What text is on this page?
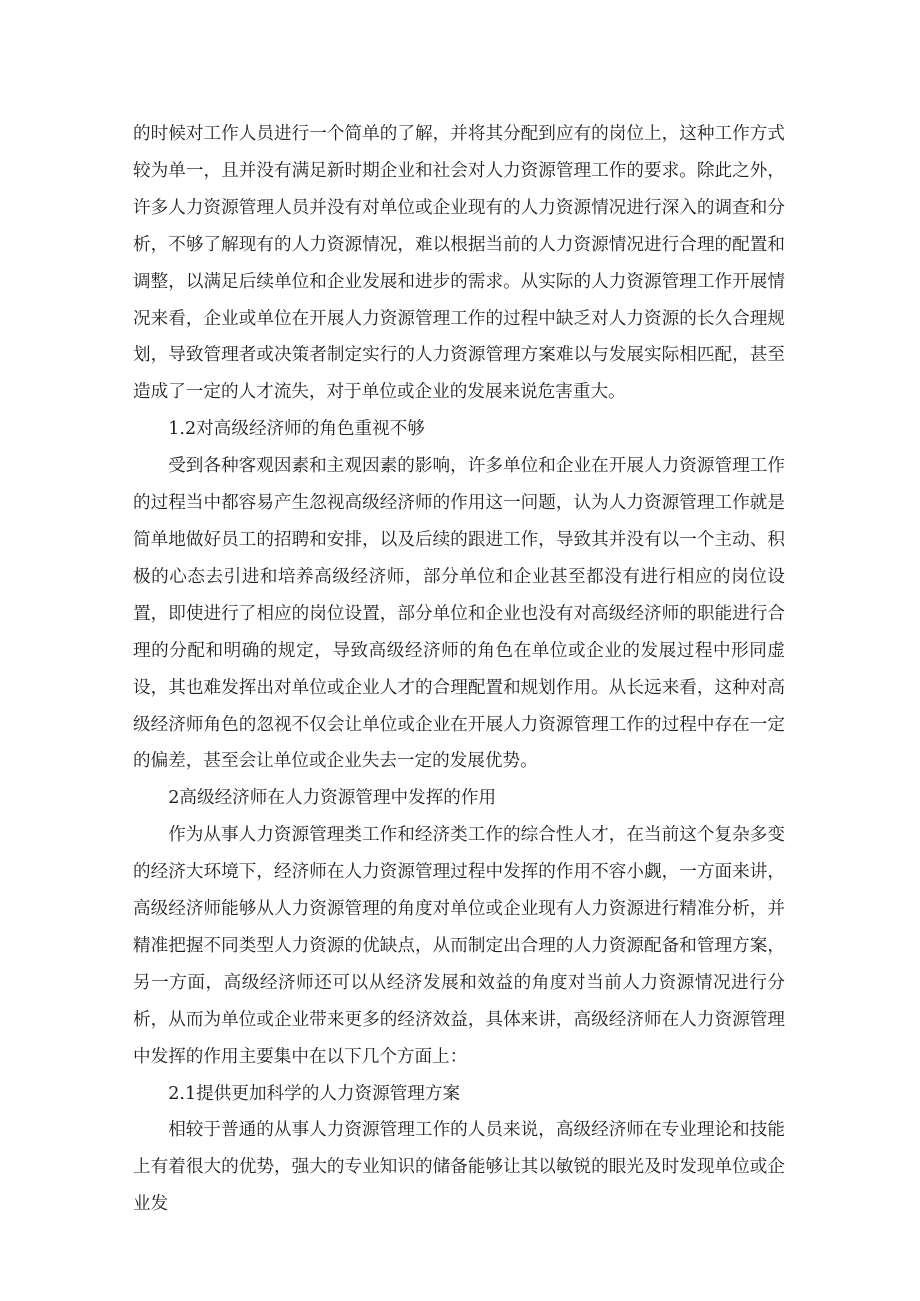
的时候对工作人员进行一个简单的了解，并将其分配到应有的岗位上，这种工作方式较为单一，且并没有满足新时期企业和社会对人力资源管理工作的要求。除此之外，许多人力资源管理人员并没有对单位或企业现有的人力资源情况进行深入的调查和分析，不够了解现有的人力资源情况，难以根据当前的人力资源情况进行合理的配置和调整，以满足后续单位和企业发展和进步的需求。从实际的人力资源管理工作开展情况来看，企业或单位在开展人力资源管理工作的过程中缺乏对人力资源的长久合理规划，导致管理者或决策者制定实行的人力资源管理方案难以与发展实际相匹配，甚至造成了一定的人才流失，对于单位或企业的发展来说危害重大。

1.2对高级经济师的角色重视不够

受到各种客观因素和主观因素的影响，许多单位和企业在开展人力资源管理工作的过程当中都容易产生忽视高级经济师的作用这一问题，认为人力资源管理工作就是简单地做好员工的招聘和安排，以及后续的跟进工作，导致其并没有以一个主动、积极的心态去引进和培养高级经济师，部分单位和企业甚至都没有进行相应的岗位设置，即使进行了相应的岗位设置，部分单位和企业也没有对高级经济师的职能进行合理的分配和明确的规定，导致高级经济师的角色在单位或企业的发展过程中形同虚设，其也难发挥出对单位或企业人才的合理配置和规划作用。从长远来看，这种对高级经济师角色的忽视不仅会让单位或企业在开展人力资源管理工作的过程中存在一定的偏差，甚至会让单位或企业失去一定的发展优势。

2高级经济师在人力资源管理中发挥的作用

作为从事人力资源管理类工作和经济类工作的综合性人才，在当前这个复杂多变的经济大环境下，经济师在人力资源管理过程中发挥的作用不容小觑，一方面来讲，高级经济师能够从人力资源管理的角度对单位或企业现有人力资源进行精准分析，并精准把握不同类型人力资源的优缺点，从而制定出合理的人力资源配备和管理方案，另一方面，高级经济师还可以从经济发展和效益的角度对当前人力资源情况进行分析，从而为单位或企业带来更多的经济效益，具体来讲，高级经济师在人力资源管理中发挥的作用主要集中在以下几个方面上：

2.1提供更加科学的人力资源管理方案

相较于普通的从事人力资源管理工作的人员来说，高级经济师在专业理论和技能上有着很大的优势，强大的专业知识的储备能够让其以敏锐的眼光及时发现单位或企业发
